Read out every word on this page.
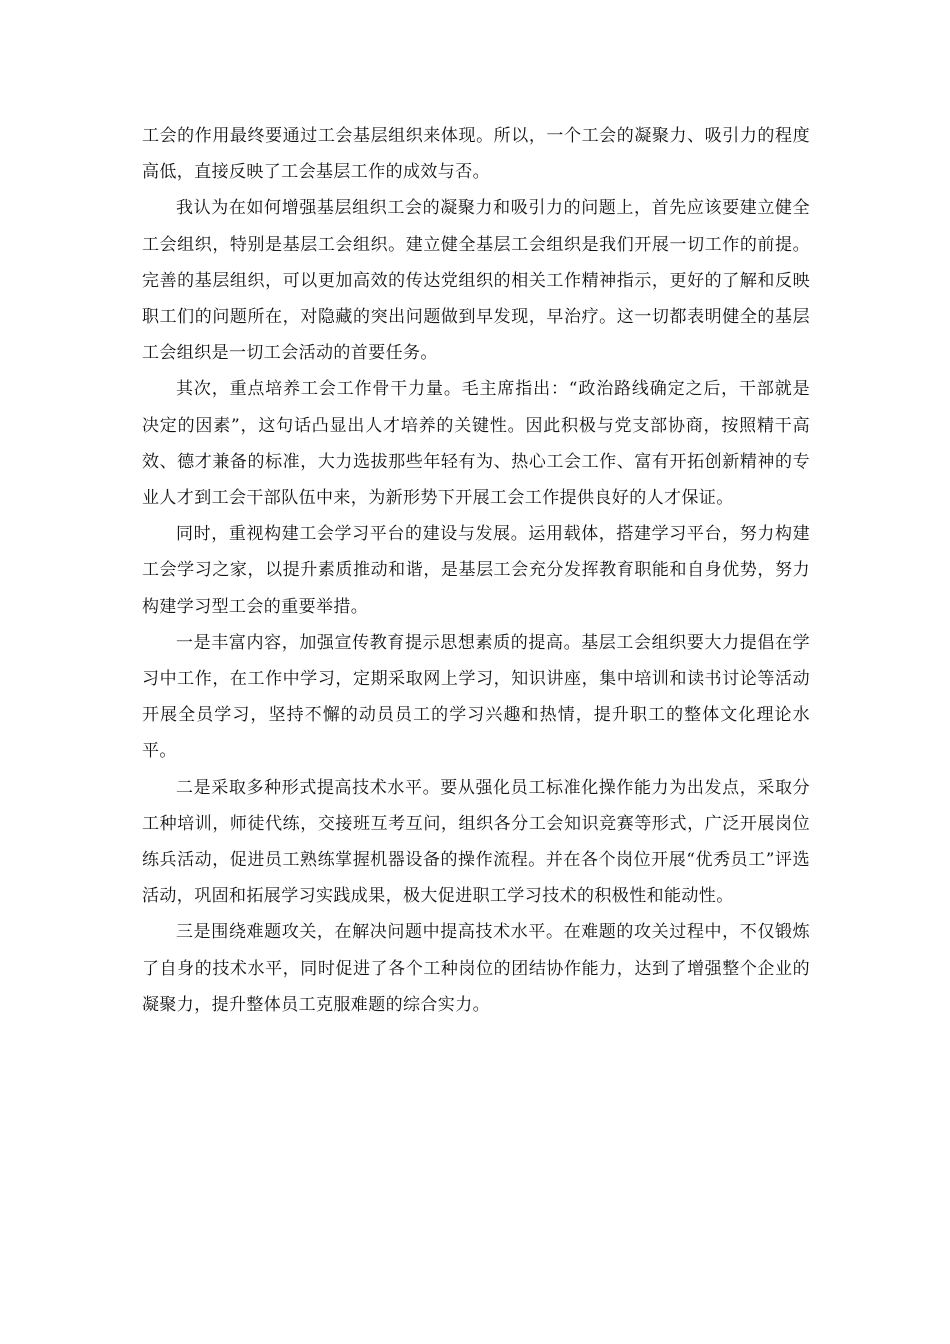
工会的作用最终要通过工会基层组织来体现。所以，一个工会的凝聚力、吸引力的程度高低，直接反映了工会基层工作的成效与否。

我认为在如何增强基层组织工会的凝聚力和吸引力的问题上，首先应该要建立健全工会组织，特别是基层工会组织。建立健全基层工会组织是我们开展一切工作的前提。完善的基层组织，可以更加高效的传达党组织的相关工作精神指示，更好的了解和反映职工们的问题所在，对隐藏的突出问题做到早发现，早治疗。这一切都表明健全的基层工会组织是一切工会活动的首要任务。

其次，重点培养工会工作骨干力量。毛主席指出：“政治路线确定之后，干部就是决定的因素”，这句话凸显出人才培养的关键性。因此积极与党支部协商，按照精干高效、德才兼备的标准，大力选拔那些年轻有为、热心工会工作、富有开拓创新精神的专业人才到工会干部队伍中来，为新形势下开展工会工作提供良好的人才保证。

同时，重视构建工会学习平台的建设与发展。运用载体，搭建学习平台，努力构建工会学习之家，以提升素质推动和谐，是基层工会充分发挥教育职能和自身优势，努力构建学习型工会的重要举措。

一是丰富内容，加强宣传教育提示思想素质的提高。基层工会组织要大力提倡在学习中工作，在工作中学习，定期采取网上学习，知识讲座，集中培训和读书讨论等活动开展全员学习，坚持不懈的动员员工的学习兴趣和热情，提升职工的整体文化理论水平。

二是采取多种形式提高技术水平。要从强化员工标准化操作能力为出发点，采取分工种培训，师徒代练，交接班互考互问，组织各分工会知识竞赛等形式，广泛开展岗位练兵活动，促进员工熟练掌握机器设备的操作流程。并在各个岗位开展“优秀员工”评选活动，巩固和拓展学习实践成果，极大促进职工学习技术的积极性和能动性。

三是围绕难题攻关，在解决问题中提高技术水平。在难题的攻关过程中，不仅锻炼了自身的技术水平，同时促进了各个工种岗位的团结协作能力，达到了增强整个企业的凝聚力，提升整体员工克服难题的综合实力。
